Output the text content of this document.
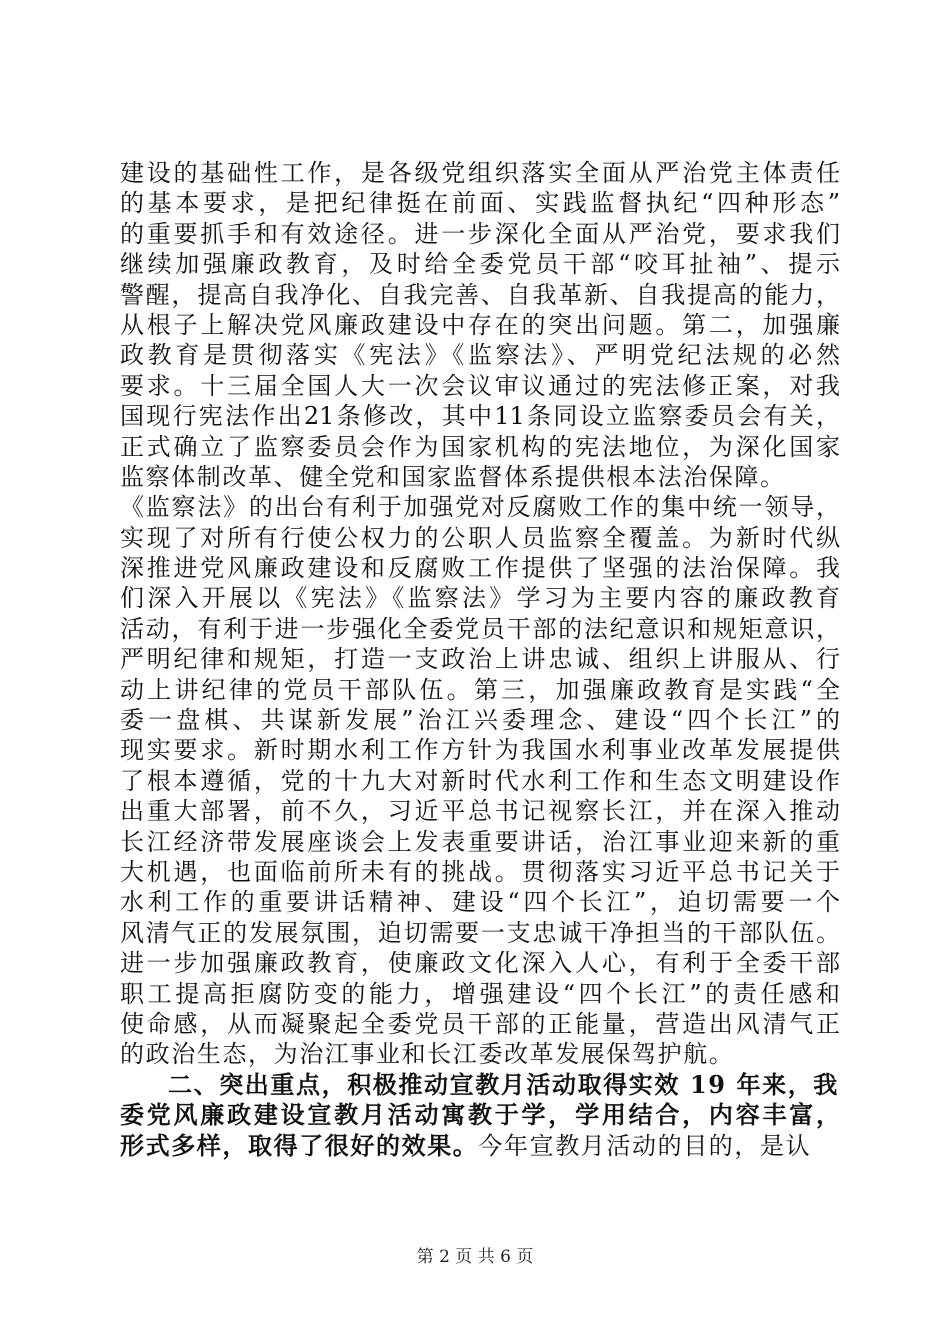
建设的基础性工作，是各级党组织落实全面从严治党主体责任
的基本要求，是把纪律挺在前面、实践监督执纪“四种形态”
的重要抓手和有效途径。进一步深化全面从严治党，要求我们
继续加强廉政教育，及时给全委党员干部“咬耳扯袖”、提示
警醒，提高自我净化、自我完善、自我革新、自我提高的能力，
从根子上解决党风廉政建设中存在的突出问题。第二，加强廉
政教育是贯彻落实《宪法》《监察法》、严明党纪法规的必然
要求。十三届全国人大一次会议审议通过的宪法修正案，对我
国现行宪法作出21条修改，其中11条同设立监察委员会有关，
正式确立了监察委员会作为国家机构的宪法地位，为深化国家
监察体制改革、健全党和国家监督体系提供根本法治保障。
《监察法》的出台有利于加强党对反腐败工作的集中统一领导，
实现了对所有行使公权力的公职人员监察全覆盖。为新时代纵
深推进党风廉政建设和反腐败工作提供了坚强的法治保障。我
们深入开展以《宪法》《监察法》学习为主要内容的廉政教育
活动，有利于进一步强化全委党员干部的法纪意识和规矩意识，
严明纪律和规矩，打造一支政治上讲忠诚、组织上讲服从、行
动上讲纪律的党员干部队伍。第三，加强廉政教育是实践“全
委一盘棋、共谋新发展”治江兴委理念、建设“四个长江”的
现实要求。新时期水利工作方针为我国水利事业改革发展提供
了根本遵循，党的十九大对新时代水利工作和生态文明建设作
出重大部署，前不久，习近平总书记视察长江，并在深入推动
长江经济带发展座谈会上发表重要讲话，治江事业迎来新的重
大机遇，也面临前所未有的挑战。贯彻落实习近平总书记关于
水利工作的重要讲话精神、建设“四个长江”，迫切需要一个
风清气正的发展氛围，迫切需要一支忠诚干净担当的干部队伍。
进一步加强廉政教育，使廉政文化深入人心，有利于全委干部
职工提高拒腐防变的能力，增强建设“四个长江”的责任感和
使命感，从而凝聚起全委党员干部的正能量，营造出风清气正
的政治生态，为治江事业和长江委改革发展保驾护航。
二、突出重点，积极推动宣教月活动取得实效 19 年来，我
委党风廉政建设宣教月活动寓教于学，学用结合，内容丰富，
形式多样，取得了很好的效果。今年宣教月活动的目的，是认
第 2 页 共 6 页
